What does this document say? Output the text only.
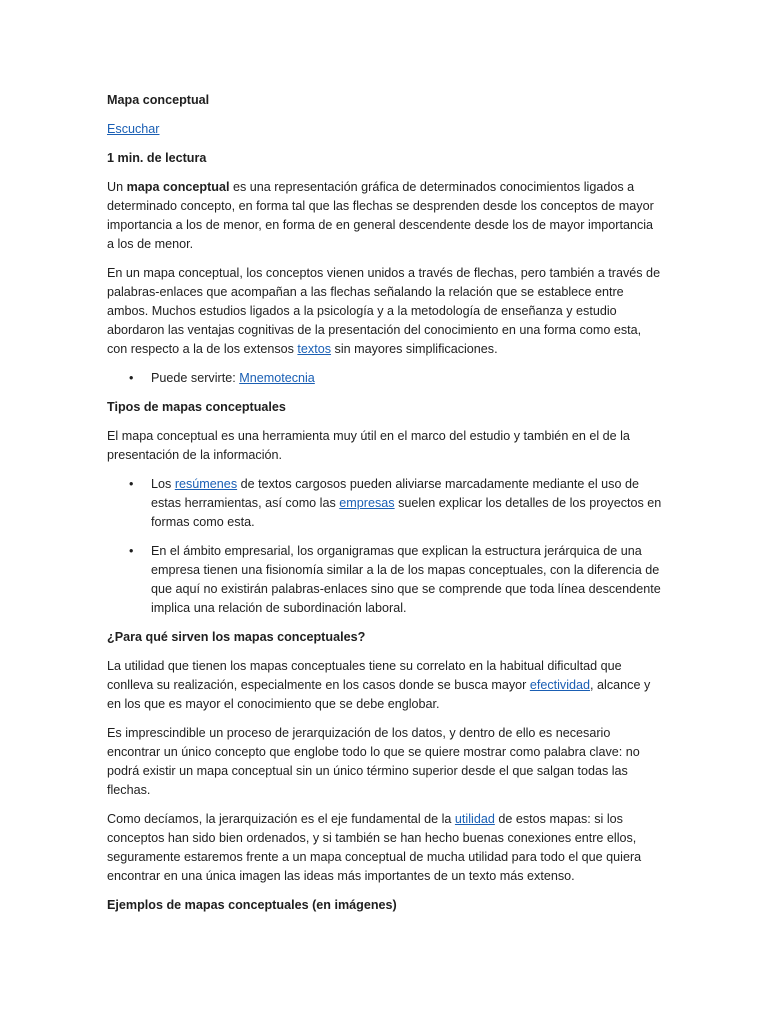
Mapa conceptual

Escuchar

1 min. de lectura

Un mapa conceptual es una representación gráfica de determinados conocimientos ligados a determinado concepto, en forma tal que las flechas se desprenden desde los conceptos de mayor importancia a los de menor, en forma de en general descendente desde los de mayor importancia a los de menor.

En un mapa conceptual, los conceptos vienen unidos a través de flechas, pero también a través de palabras-enlaces que acompañan a las flechas señalando la relación que se establece entre ambos. Muchos estudios ligados a la psicología y a la metodología de enseñanza y estudio abordaron las ventajas cognitivas de la presentación del conocimiento en una forma como esta, con respecto a la de los extensos textos sin mayores simplificaciones.

• Puede servirte: Mnemotecnia

Tipos de mapas conceptuales

El mapa conceptual es una herramienta muy útil en el marco del estudio y también en el de la presentación de la información.

• Los resúmenes de textos cargosos pueden aliviarse marcadamente mediante el uso de estas herramientas, así como las empresas suelen explicar los detalles de los proyectos en formas como esta.
• En el ámbito empresarial, los organigramas que explican la estructura jerárquica de una empresa tienen una fisionomía similar a la de los mapas conceptuales, con la diferencia de que aquí no existirán palabras-enlaces sino que se comprende que toda línea descendente implica una relación de subordinación laboral.

¿Para qué sirven los mapas conceptuales?

La utilidad que tienen los mapas conceptuales tiene su correlato en la habitual dificultad que conlleva su realización, especialmente en los casos donde se busca mayor efectividad, alcance y en los que es mayor el conocimiento que se debe englobar.

Es imprescindible un proceso de jerarquización de los datos, y dentro de ello es necesario encontrar un único concepto que englobe todo lo que se quiere mostrar como palabra clave: no podrá existir un mapa conceptual sin un único término superior desde el que salgan todas las flechas.

Como decíamos, la jerarquización es el eje fundamental de la utilidad de estos mapas: si los conceptos han sido bien ordenados, y si también se han hecho buenas conexiones entre ellos, seguramente estaremos frente a un mapa conceptual de mucha utilidad para todo el que quiera encontrar en una única imagen las ideas más importantes de un texto más extenso.

Ejemplos de mapas conceptuales (en imágenes)
